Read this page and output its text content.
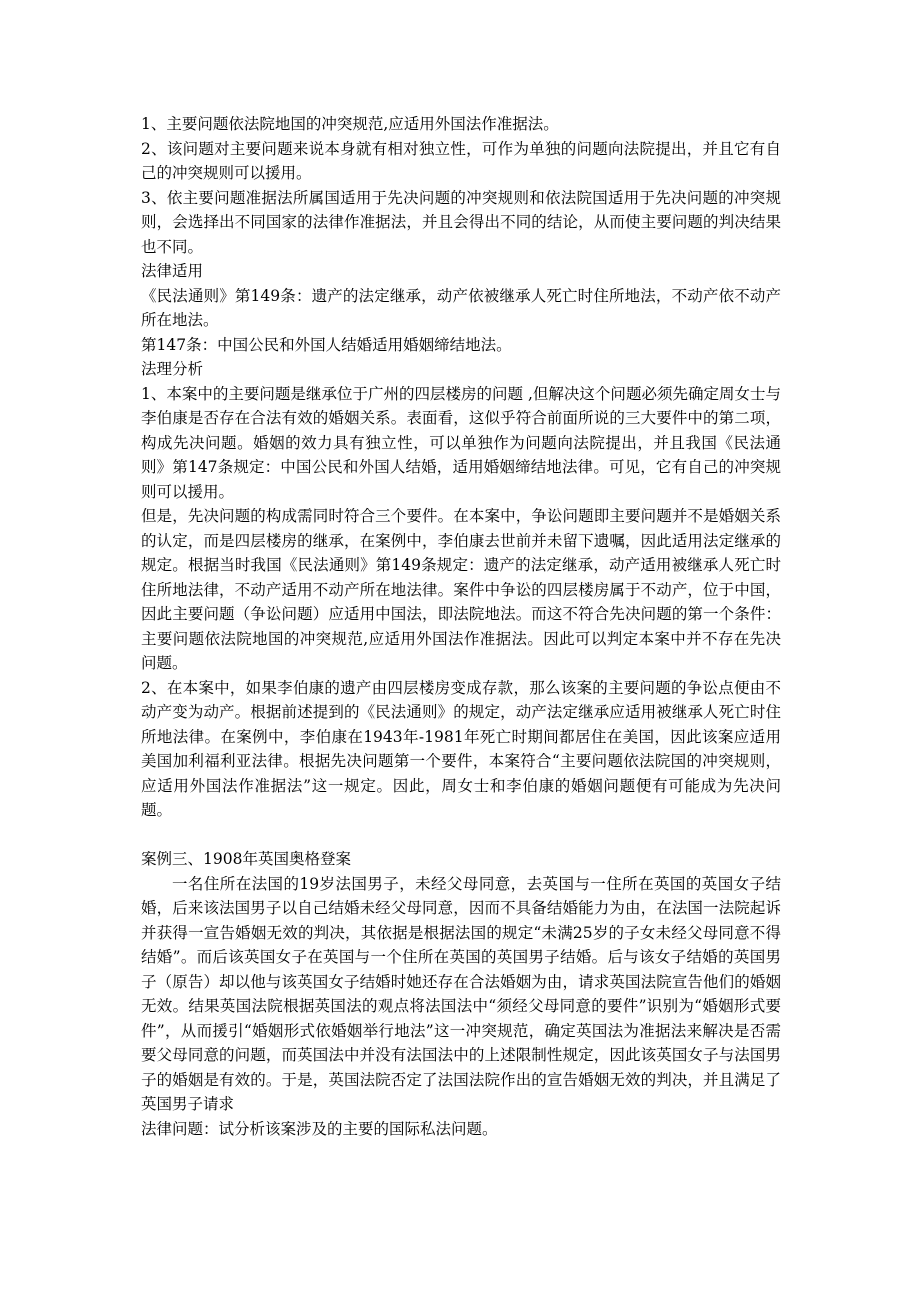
1、主要问题依法院地国的冲突规范,应适用外国法作准据法。

2、该问题对主要问题来说本身就有相对独立性，可作为单独的问题向法院提出，并且它有自己的冲突规则可以援用。

3、依主要问题准据法所属国适用于先决问题的冲突规则和依法院国适用于先决问题的冲突规则，会选择出不同国家的法律作准据法，并且会得出不同的结论，从而使主要问题的判决结果也不同。

法律适用

《民法通则》第149条：遗产的法定继承，动产依被继承人死亡时住所地法，不动产依不动产所在地法。

第147条：中国公民和外国人结婚适用婚姻缔结地法。

法理分析

1、本案中的主要问题是继承位于广州的四层楼房的问题 ,但解决这个问题必须先确定周女士与李伯康是否存在合法有效的婚姻关系。表面看，这似乎符合前面所说的三大要件中的第二项，构成先决问题。婚姻的效力具有独立性，可以单独作为问题向法院提出，并且我国《民法通则》第147条规定：中国公民和外国人结婚，适用婚姻缔结地法律。可见，它有自己的冲突规则可以援用。

但是，先决问题的构成需同时符合三个要件。在本案中，争讼问题即主要问题并不是婚姻关系的认定，而是四层楼房的继承，在案例中，李伯康去世前并未留下遗嘱，因此适用法定继承的规定。根据当时我国《民法通则》第149条规定：遗产的法定继承，动产适用被继承人死亡时住所地法律，不动产适用不动产所在地法律。案件中争讼的四层楼房属于不动产，位于中国，因此主要问题（争讼问题）应适用中国法，即法院地法。而这不符合先决问题的第一个条件：主要问题依法院地国的冲突规范,应适用外国法作准据法。因此可以判定本案中并不存在先决问题。

2、在本案中，如果李伯康的遗产由四层楼房变成存款，那么该案的主要问题的争讼点便由不动产变为动产。根据前述提到的《民法通则》的规定，动产法定继承应适用被继承人死亡时住所地法律。在案例中，李伯康在1943年-1981年死亡时期间都居住在美国，因此该案应适用美国加利福利亚法律。根据先决问题第一个要件，本案符合“主要问题依法院国的冲突规则，应适用外国法作准据法”这一规定。因此，周女士和李伯康的婚姻问题便有可能成为先决问题。

案例三、1908年英国奥格登案

一名住所在法国的19岁法国男子，未经父母同意，去英国与一住所在英国的英国女子结婚，后来该法国男子以自己结婚未经父母同意，因而不具备结婚能力为由，在法国一法院起诉并获得一宣告婚姻无效的判决，其依据是根据法国的规定“未满25岁的子女未经父母同意不得结婚”。而后该英国女子在英国与一个住所在英国的英国男子结婚。后与该女子结婚的英国男子（原告）却以他与该英国女子结婚时她还存在合法婚姻为由，请求英国法院宣告他们的婚姻无效。结果英国法院根据英国法的观点将法国法中“须经父母同意的要件”识别为“婚姻形式要件”，从而援引“婚姻形式依婚姻举行地法”这一冲突规范，确定英国法为准据法来解决是否需要父母同意的问题，而英国法中并没有法国法中的上述限制性规定，因此该英国女子与法国男子的婚姻是有效的。于是，英国法院否定了法国法院作出的宣告婚姻无效的判决，并且满足了英国男子请求

法律问题：试分析该案涉及的主要的国际私法问题。
